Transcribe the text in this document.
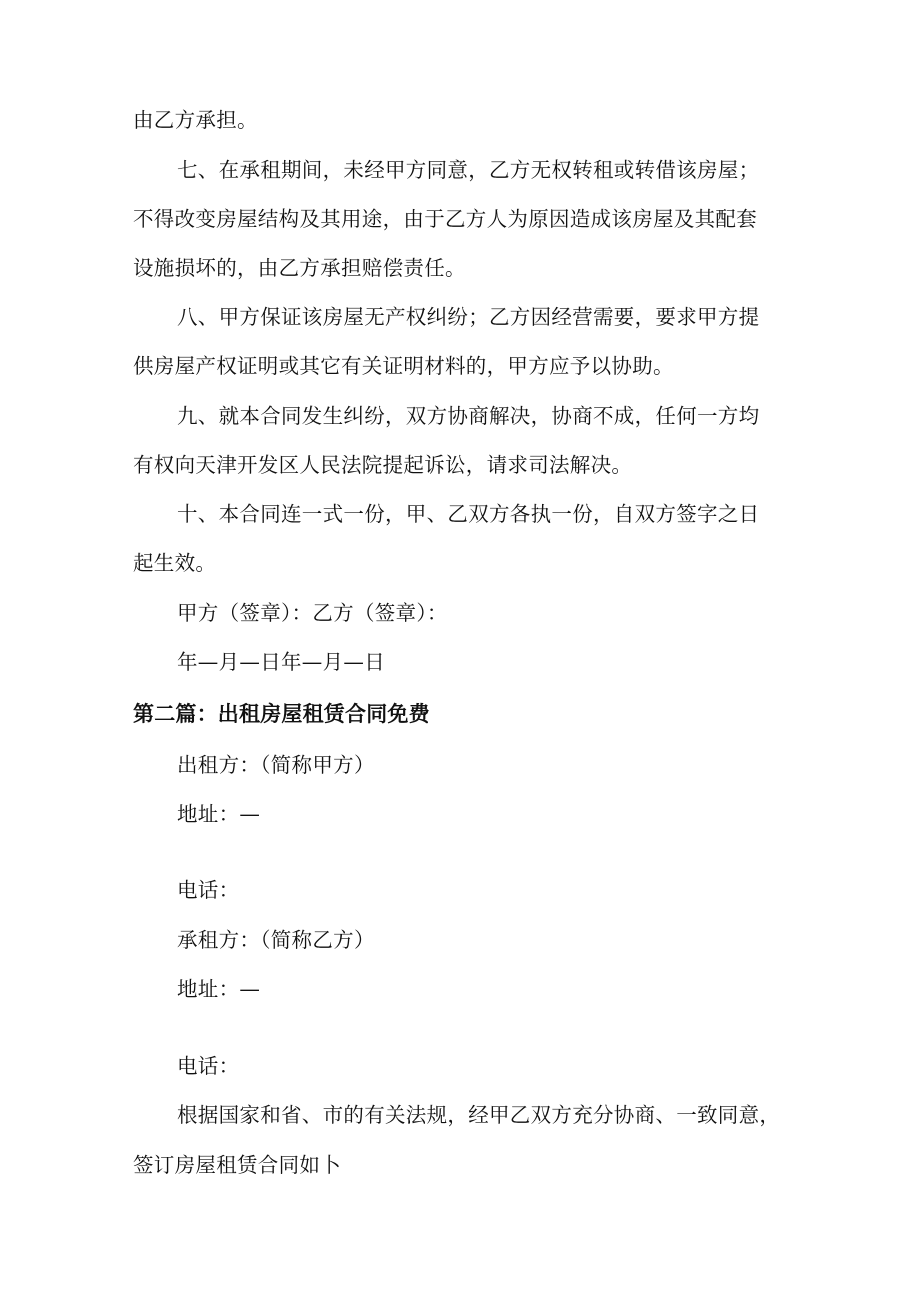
由乙方承担。
七、在承租期间，未经甲方同意，乙方无权转租或转借该房屋；
不得改变房屋结构及其用途，由于乙方人为原因造成该房屋及其配套
设施损坏的，由乙方承担赔偿责任。
八、甲方保证该房屋无产权纠纷；乙方因经营需要，要求甲方提
供房屋产权证明或其它有关证明材料的，甲方应予以协助。
九、就本合同发生纠纷，双方协商解决，协商不成，任何一方均
有权向天津开发区人民法院提起诉讼，请求司法解决。
十、本合同连一式一份，甲、乙双方各执一份，自双方签字之日
起生效。
甲方（签章）：乙方（签章）：
年—月—日年—月—日
第二篇：出租房屋租赁合同免费
出租方：（简称甲方）
地址：—
电话：
承租方：（简称乙方）
地址：—
电话：
根据国家和省、市的有关法规，经甲乙双方充分协商、一致同意，
签订房屋租赁合同如卜
